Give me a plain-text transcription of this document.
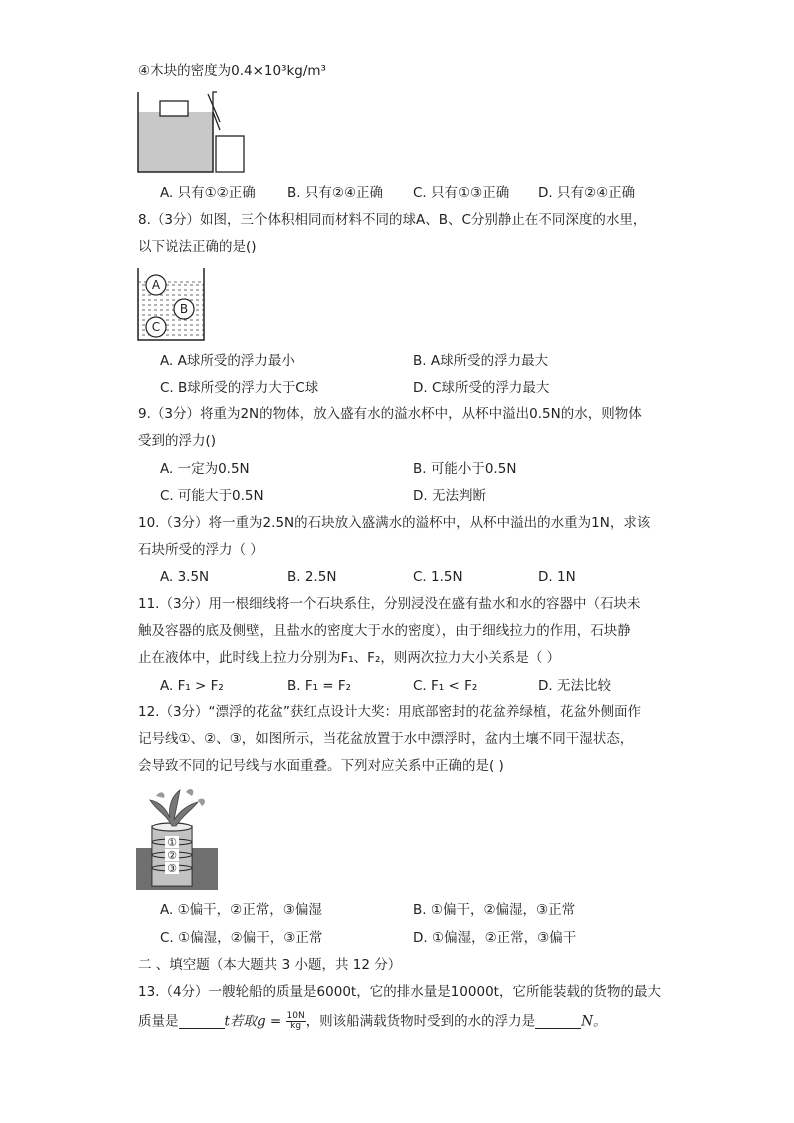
④木块的密度为0.4×10³kg/m³
A. 只有①②正确 B. 只有②④正确 C. 只有①③正确 D. 只有②④正确
8.（3分）如图，三个体积相同而材料不同的球A、B、C分别静止在不同深度的水里，
以下说法正确的是()
A
B
C
A. A球所受的浮力最小	B. A球所受的浮力最大
C. B球所受的浮力大于C球	D. C球所受的浮力最大
9.（3分）将重为2N的物体，放入盛有水的溢水杯中，从杯中溢出0.5N的水，则物体
受到的浮力()
A. 一定为0.5N	B. 可能小于0.5N
C. 可能大于0.5N	D. 无法判断
10.（3分）将一重为2.5N的石块放入盛满水的溢杯中，从杯中溢出的水重为1N，求该
石块所受的浮力（ ）
A. 3.5N	B. 2.5N	C. 1.5N	D. 1N
11.（3分）用一根细线将一个石块系住，分别浸没在盛有盐水和水的容器中（石块未
触及容器的底及侧壁，且盐水的密度大于水的密度），由于细线拉力的作用，石块静
止在液体中，此时线上拉力分别为F₁、F₂，则两次拉力大小关系是（ ）
A. F₁ > F₂	B. F₁ = F₂	C. F₁ < F₂	D. 无法比较
12.（3分）“漂浮的花盆”获红点设计大奖：用底部密封的花盆养绿植，花盆外侧面作
记号线①、②、③，如图所示，当花盆放置于水中漂浮时，盆内土壤不同干湿状态，
会导致不同的记号线与水面重叠。下列对应关系中正确的是( )
①
②
③
A. ①偏干，②正常，③偏湿	B. ①偏干，②偏湿，③正常
C. ①偏湿，②偏干，③正常	D. ①偏湿，②正常，③偏干
二 、填空题（本大题共 3 小题，共 12 分）
13.（4分）一艘轮船的质量是6000t，它的排水量是10000t，它所能装载的货物的最大
质量是	t若取$g = \frac{10N}{kg}$ ，则该船满载货物时受到的水的浮力是	N。
